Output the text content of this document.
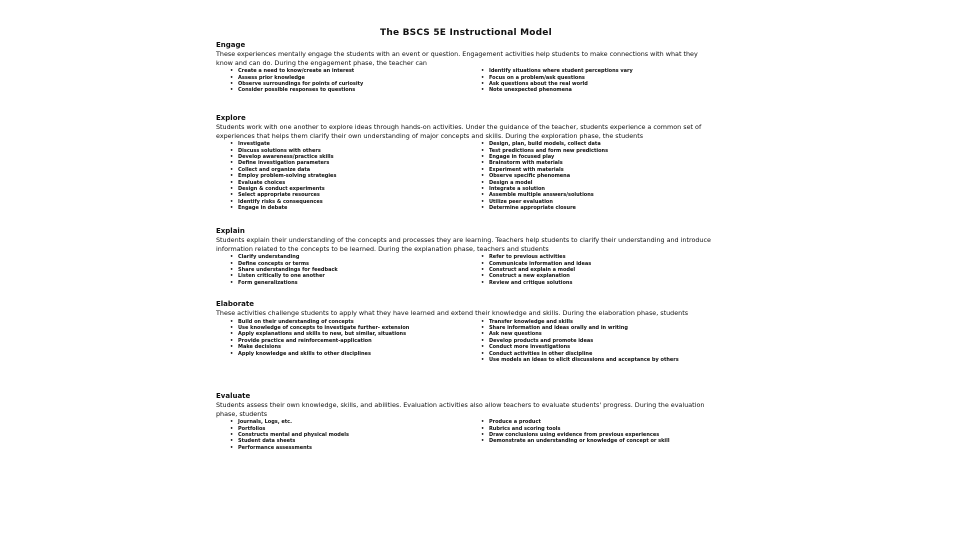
The BSCS 5E Instructional Model
Engage

These experiences mentally engage the students with an event or question. Engagement activities help students to make connections with what they know and can do. During the engagement phase, the teacher can

• Create a need to know/create an interest
• Assess prior knowledge
• Observe surroundings for points of curiosity
• Consider possible responses to questions
• Identify situations where student perceptions vary
• Focus on a problem/ask questions
• Ask questions about the real world
• Note unexpected phenomena
Explore

Students work with one another to explore ideas through hands-on activities. Under the guidance of the teacher, students experience a common set of experiences that helps them clarify their own understanding of major concepts and skills. During the exploration phase, the students

• Investigate
• Discuss solutions with others
• Develop awareness/practice skills
• Define investigation parameters
• Collect and organize data
• Employ problem-solving strategies
• Evaluate choices
• Design & conduct experiments
• Select appropriate resources
• Identify risks & consequences
• Engage in debate
• Design, plan, build models, collect data
• Test predictions and form new predictions
• Engage in focused play
• Brainstorm with materials
• Experiment with materials
• Observe specific phenomena
• Design a model
• Integrate a solution
• Assemble multiple answers/solutions
• Utilize peer evaluation
• Determine appropriate closure
Explain

Students explain their understanding of the concepts and processes they are learning. Teachers help students to clarify their understanding and introduce information related to the concepts to be learned. During the explanation phase, teachers and students

• Clarify understanding
• Define concepts or terms
• Share understandings for feedback
• Listen critically to one another
• Form generalizations
• Refer to previous activities
• Communicate information and ideas
• Construct and explain a model
• Construct a new explanation
• Review and critique solutions
Elaborate

These activities challenge students to apply what they have learned and extend their knowledge and skills. During the elaboration phase, students

• Build on their understanding of concepts
• Use knowledge of concepts to investigate further- extension
• Apply explanations and skills to new, but similar, situations
• Provide practice and reinforcement-application
• Make decisions
• Apply knowledge and skills to other disciplines
• Transfer knowledge and skills
• Share information and ideas orally and in writing
• Ask new questions
• Develop products and promote ideas
• Conduct more investigations
• Conduct activities in other discipline
• Use models an ideas to elicit discussions and acceptance by others
Evaluate

Students assess their own knowledge, skills, and abilities. Evaluation activities also allow teachers to evaluate students' progress. During the evaluation phase, students

• Journals, Logs, etc.
• Portfolios
• Constructs mental and physical models
• Student data sheets
• Performance assessments
• Produce a product
• Rubrics and scoring tools
• Draw conclusions using evidence from previous experiences
• Demonstrate an understanding or knowledge of concept or skill
